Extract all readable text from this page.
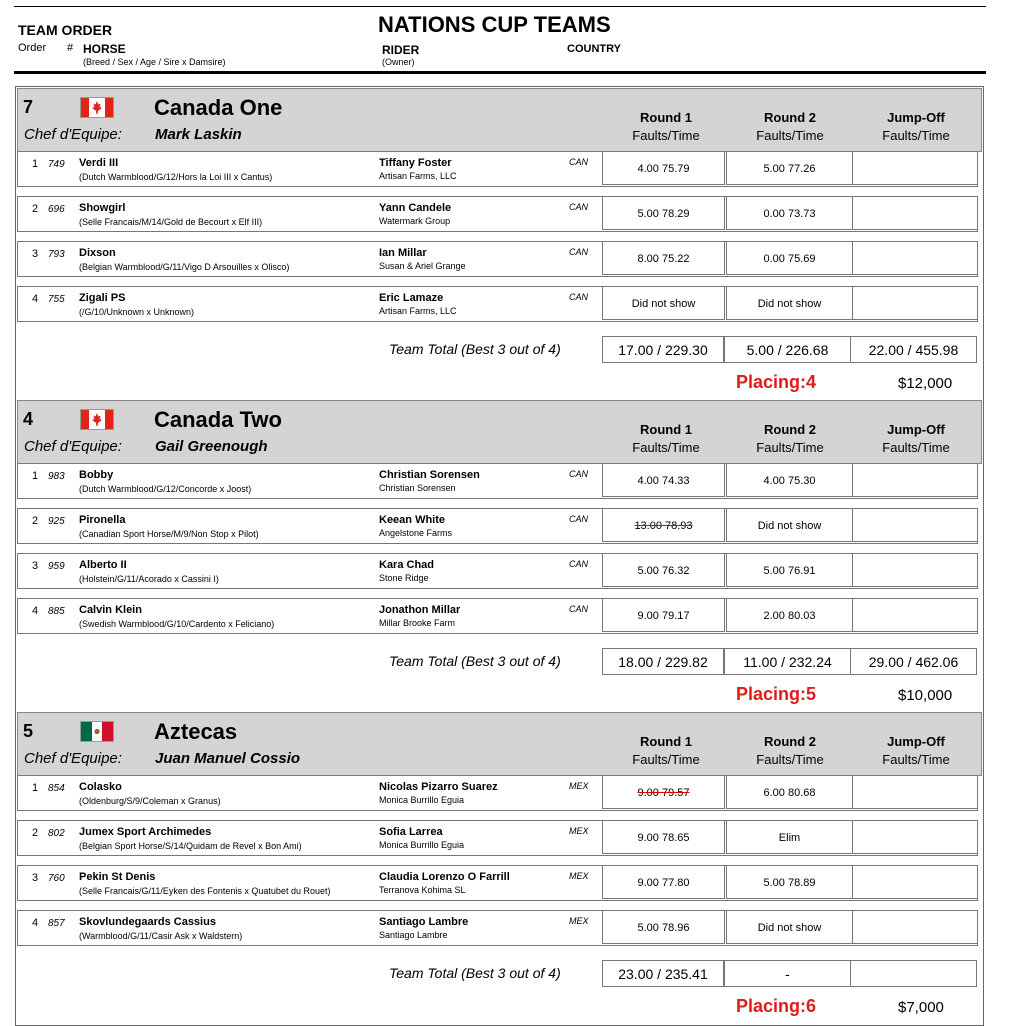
TEAM ORDER	NATIONS CUP TEAMS
Order # HORSE
(Breed / Sex / Age / Sire x Damsire)
RIDER
(Owner)
COUNTRY
7	Canada One
Chef d'Equipe: Mark Laskin
Round 1
Faults/Time
Round 2
Faults/Time
Jump-Off
Faults/Time
1 749 Verdi III
(Dutch Warmblood/G/12/Hors la Loi III x Cantus)
Tiffany Foster
Artisan Farms, LLC
CAN
4.00 75.79	5.00 77.26
2 696 Showgirl
(Selle Francais/M/14/Gold de Becourt x Elf III)
Yann Candele
Watermark Group
CAN
5.00 78.29	0.00 73.73
3 793 Dixson
(Belgian Warmblood/G/11/Vigo D Arsouilles x Olisco)
Ian Millar
Susan & Ariel Grange
CAN
8.00 75.22	0.00 75.69
4 755 Zigali PS
(/G/10/Unknown x Unknown)
Eric Lamaze
Artisan Farms, LLC
CAN
Did not show	Did not show
Team Total (Best 3 out of 4)	17.00 / 229.30	5.00 / 226.68	22.00 / 455.98
Placing:4	$12,000
4	Canada Two
Chef d'Equipe: Gail Greenough
Round 1
Faults/Time
Round 2
Faults/Time
Jump-Off
Faults/Time
1 983 Bobby
(Dutch Warmblood/G/12/Concorde x Joost)
Christian Sorensen
Christian Sorensen
CAN
4.00 74.33	4.00 75.30
2 925 Pironella
(Canadian Sport Horse/M/9/Non Stop x Pilot)
Keean White
Angelstone Farms
CAN
13.00 78.93	Did not show
3 959 Alberto II
(Holstein/G/11/Acorado x Cassini I)
Kara Chad
Stone Ridge
CAN
5.00 76.32	5.00 76.91
4 885 Calvin Klein
(Swedish Warmblood/G/10/Cardento x Feliciano)
Jonathon Millar
Millar Brooke Farm
CAN
9.00 79.17	2.00 80.03
Team Total (Best 3 out of 4)	18.00 / 229.82	11.00 / 232.24	29.00 / 462.06
Placing:5	$10,000
5	Aztecas
Chef d'Equipe: Juan Manuel Cossio
Round 1
Faults/Time
Round 2
Faults/Time
Jump-Off
Faults/Time
1 854 Colasko
(Oldenburg/S/9/Coleman x Granus)
Nicolas Pizarro Suarez
Monica Burrillo Eguia
MEX
9.00 79.57	6.00 80.68
2 802 Jumex Sport Archimedes
(Belgian Sport Horse/S/14/Quidam de Revel x Bon Ami)
Sofia Larrea
Monica Burrillo Eguia
MEX
9.00 78.65	Elim
3 760 Pekin St Denis
(Selle Francais/G/11/Eyken des Fontenis x Quatubet du Rouet)
Claudia Lorenzo O Farrill
Terranova Kohima SL
MEX
9.00 77.80	5.00 78.89
4 857 Skovlundegaards Cassius
(Warmblood/G/11/Casir Ask x Waldstern)
Santiago Lambre
Santiago Lambre
MEX
5.00 78.96	Did not show
Team Total (Best 3 out of 4)	23.00 / 235.41	-
Placing:6	$7,000
